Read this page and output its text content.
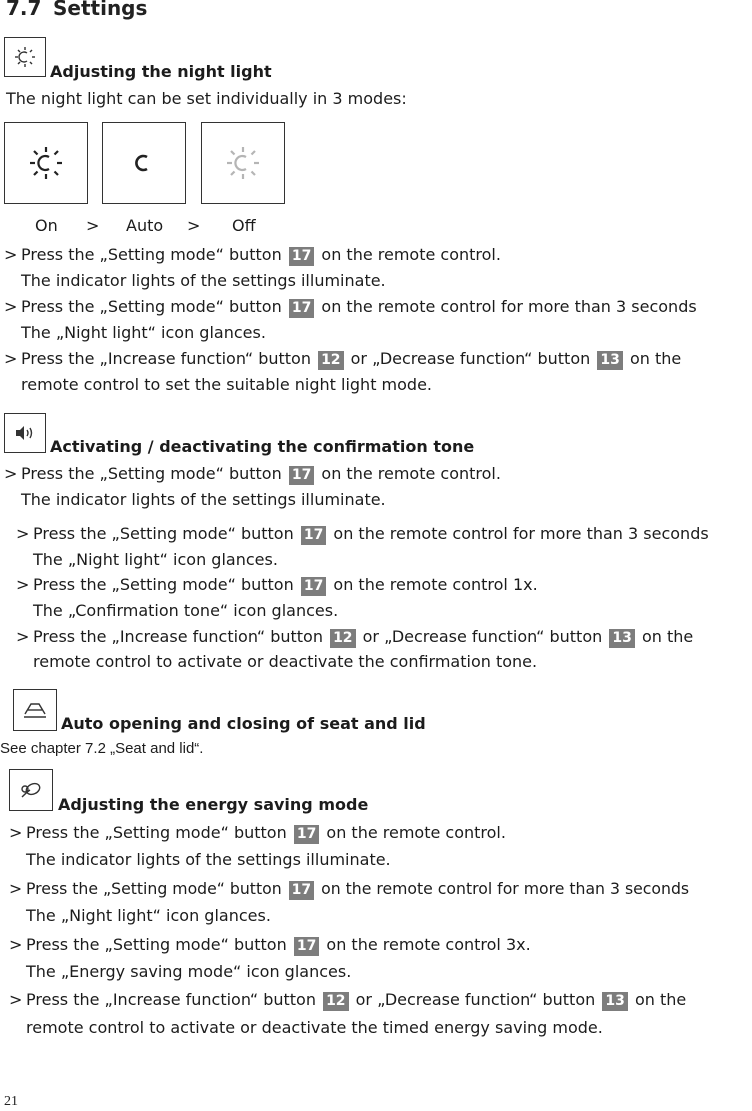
7.7 Settings
Adjusting the night light
The night light can be set individually in 3 modes:
On > Auto > Off
> Press the „Setting mode“ button 17 on the remote control.
The indicator lights of the settings illuminate.
> Press the „Setting mode“ button 17 on the remote control for more than 3 seconds
The „Night light“ icon glances.
> Press the „Increase function“ button 12 or „Decrease function“ button 13 on the
remote control to set the suitable night light mode.
Activating / deactivating the confirmation tone
> Press the „Setting mode“ button 17 on the remote control.
The indicator lights of the settings illuminate.
> Press the „Setting mode“ button 17 on the remote control for more than 3 seconds
The „Night light“ icon glances.
> Press the „Setting mode“ button 17 on the remote control 1x.
The „Confirmation tone“ icon glances.
> Press the „Increase function“ button 12 or „Decrease function“ button 13 on the
remote control to activate or deactivate the confirmation tone.
Auto opening and closing of seat and lid
See chapter 7.2 „Seat and lid“.
Adjusting the energy saving mode
> Press the „Setting mode“ button 17 on the remote control.
The indicator lights of the settings illuminate.
> Press the „Setting mode“ button 17 on the remote control for more than 3 seconds
The „Night light“ icon glances.
> Press the „Setting mode“ button 17 on the remote control 3x.
The „Energy saving mode“ icon glances.
> Press the „Increase function“ button 12 or „Decrease function“ button 13 on the
remote control to activate or deactivate the timed energy saving mode.
21
